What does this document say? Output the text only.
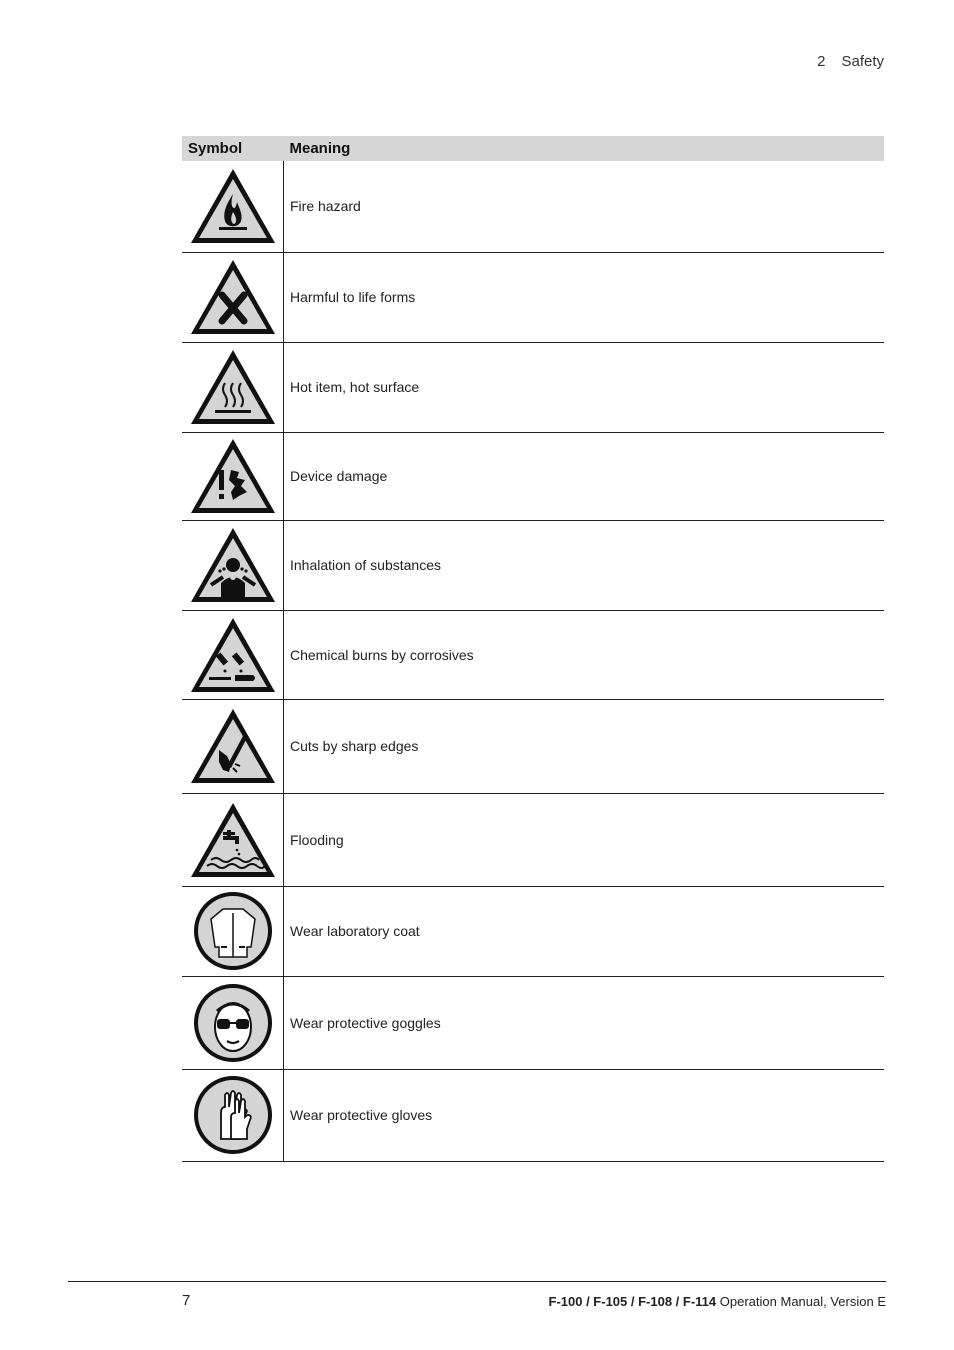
2 Safety
Symbol	Meaning

	Fire hazard

	Harmful to life forms

	Hot item, hot surface

	Device damage

	Inhalation of substances

	Chemical burns by corrosives

	Cuts by sharp edges

	Flooding

	Wear laboratory coat

	Wear protective goggles

	Wear protective gloves
7	F-100 / F-105 / F-108 / F-114 Operation Manual, Version E
